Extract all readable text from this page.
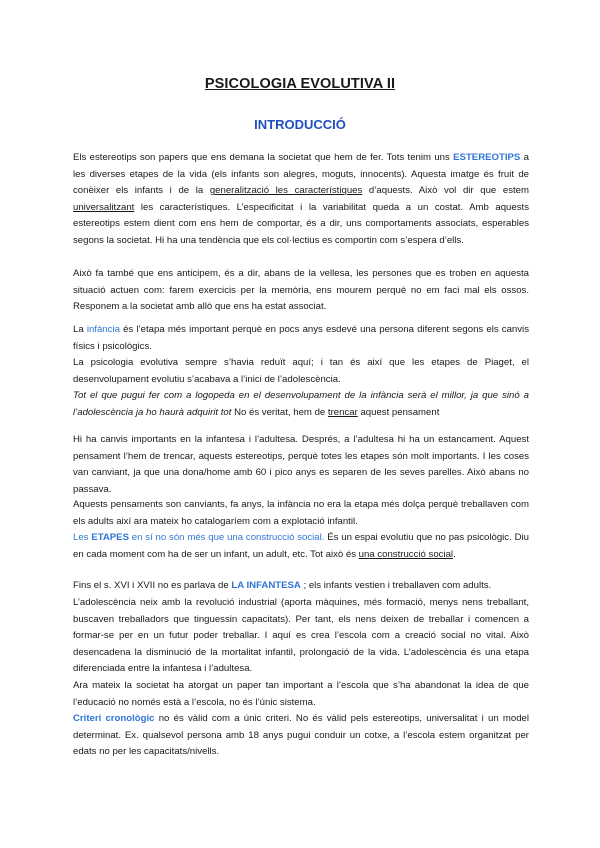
PSICOLOGIA EVOLUTIVA II
INTRODUCCIÓ

Els estereotips son papers que ens demana la societat que hem de fer. Tots tenim uns ESTEREOTIPS a les diverses etapes de la vida (els infants son alegres, moguts, innocents). Aquesta imatge és fruit de conèixer els infants i de la generalització les característiques d’aquests. Això vol dir que estem universalitzant les característiques. L’especificitat i la variabilitat queda a un costat. Amb aquests estereotips estem dient com ens hem de comportar, és a dir, uns comportaments associats, esperables segons la societat. Hi ha una tendència que els col·lectius es comportin com s’espera d’ells.

Això fa també que ens anticipem, és a dir, abans de la vellesa, les persones que es troben en aquesta situació actuen com: farem exercicis per la memòria, ens mourem perquè no em faci mal els ossos. Responem a la societat amb allò que ens ha estat associat.

La infància és l’etapa més important perquè en pocs anys esdevé una persona diferent segons els canvis físics i psicològics.

La psicologia evolutiva sempre s’havia reduït aquí; i tan és així que les etapes de Piaget, el desenvolupament evolutiu s’acabava a l’inici de l’adolescència.

Tot el que pugui fer com a logopeda en el desenvolupament de la infància serà el millor, ja que sinó a l’adolescència ja ho haurà adquirit tot No és veritat, hem de trencar aquest pensament

Hi ha canvis importants en la infantesa i l’adultesa. Després, a l’adultesa hi ha un estancament. Aquest pensament l’hem de trencar, aquests estereotips, perquè totes les etapes són molt importants. I les coses van canviant, ja que una dona/home amb 60 i pico anys es separen de les seves parelles. Això abans no passava.

Aquests pensaments son canviants, fa anys, la infància no era la etapa més dolça perquè treballaven com els adults així ara mateix ho catalogaríem com a explotació infantil.

Les ETAPES en sí no són més que una construcció social. És un espai evolutiu que no pas psicològic. Diu en cada moment com ha de ser un infant, un adult, etc. Tot això és una construcció social.

Fins el s. XVI i XVII no es parlava de LA INFANTESA ; els infants vestien i treballaven com adults.

L’adolescència neix amb la revolució industrial (aporta màquines, més formació, menys nens treballant, buscaven treballadors que tinguessin capacitats). Per tant, els nens deixen de treballar i comencen a formar-se per en un futur poder treballar. I aquí es crea l’escola com a creació social no vital. Això desencadena la disminució de la mortalitat infantil, prolongació de la vida. L’adolescència és una etapa diferenciada entre la infantesa i l’adultesa.

Ara mateix la societat ha atorgat un paper tan important a l’escola que s’ha abandonat la idea de que l’educació no només està a l’escola, no és l’únic sistema.

Criteri cronològic no és vàlid com a únic criteri. No és vàlid pels estereotips, universalitat i un model determinat. Ex. qualsevol persona amb 18 anys pugui conduir un cotxe, a l’escola estem organitzat per edats no per les capacitats/nivells.
